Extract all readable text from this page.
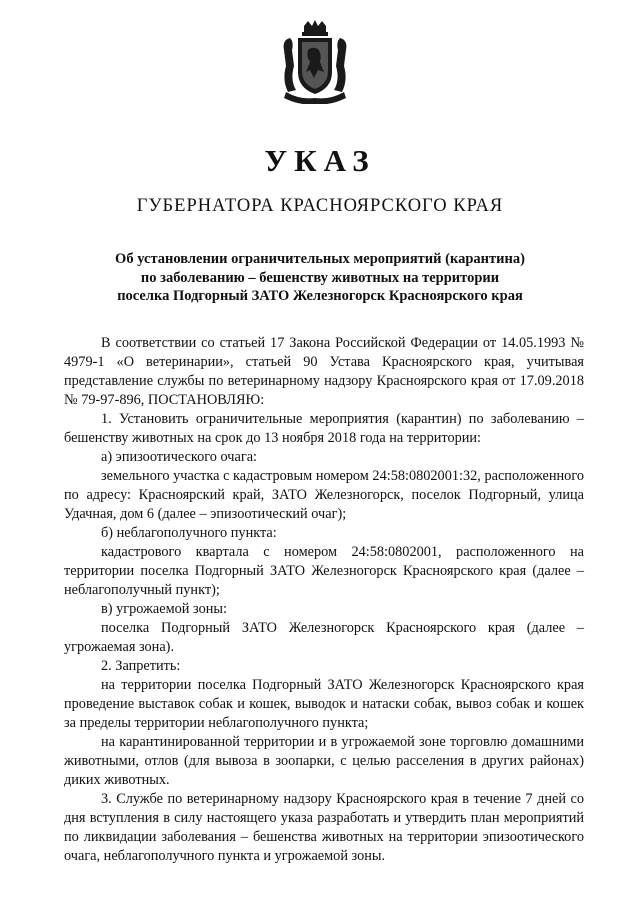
УКАЗ
ГУБЕРНАТОРА КРАСНОЯРСКОГО КРАЯ
Об установлении ограничительных мероприятий (карантина)
по заболеванию – бешенству животных на территории
поселка Подгорный ЗАТО Железногорск Красноярского края

В соответствии со статьей 17 Закона Российской Федерации от 14.05.1993 № 4979-1 «О ветеринарии», статьей 90 Устава Красноярского края, учитывая представление службы по ветеринарному надзору Красноярского края от 17.09.2018 № 79-97-896, ПОСТАНОВЛЯЮ:

1. Установить ограничительные мероприятия (карантин) по заболеванию – бешенству животных на срок до 13 ноября 2018 года на территории:

а) эпизоотического очага:

земельного участка с кадастровым номером 24:58:0802001:32, расположенного по адресу: Красноярский край, ЗАТО Железногорск, поселок Подгорный, улица Удачная, дом 6 (далее – эпизоотический очаг);

б) неблагополучного пункта:

кадастрового квартала с номером 24:58:0802001, расположенного на территории поселка Подгорный ЗАТО Железногорск Красноярского края (далее – неблагополучный пункт);

в) угрожаемой зоны:

поселка Подгорный ЗАТО Железногорск Красноярского края (далее – угрожаемая зона).

2. Запретить:

на территории поселка Подгорный ЗАТО Железногорск Красноярского края проведение выставок собак и кошек, выводок и натаски собак, вывоз собак и кошек за пределы территории неблагополучного пункта;

на карантинированной территории и в угрожаемой зоне торговлю домашними животными, отлов (для вывоза в зоопарки, с целью расселения в других районах) диких животных.

3. Службе по ветеринарному надзору Красноярского края в течение 7 дней со дня вступления в силу настоящего указа разработать и утвердить план мероприятий по ликвидации заболевания – бешенства животных на территории эпизоотического очага, неблагополучного пункта и угрожаемой зоны.
